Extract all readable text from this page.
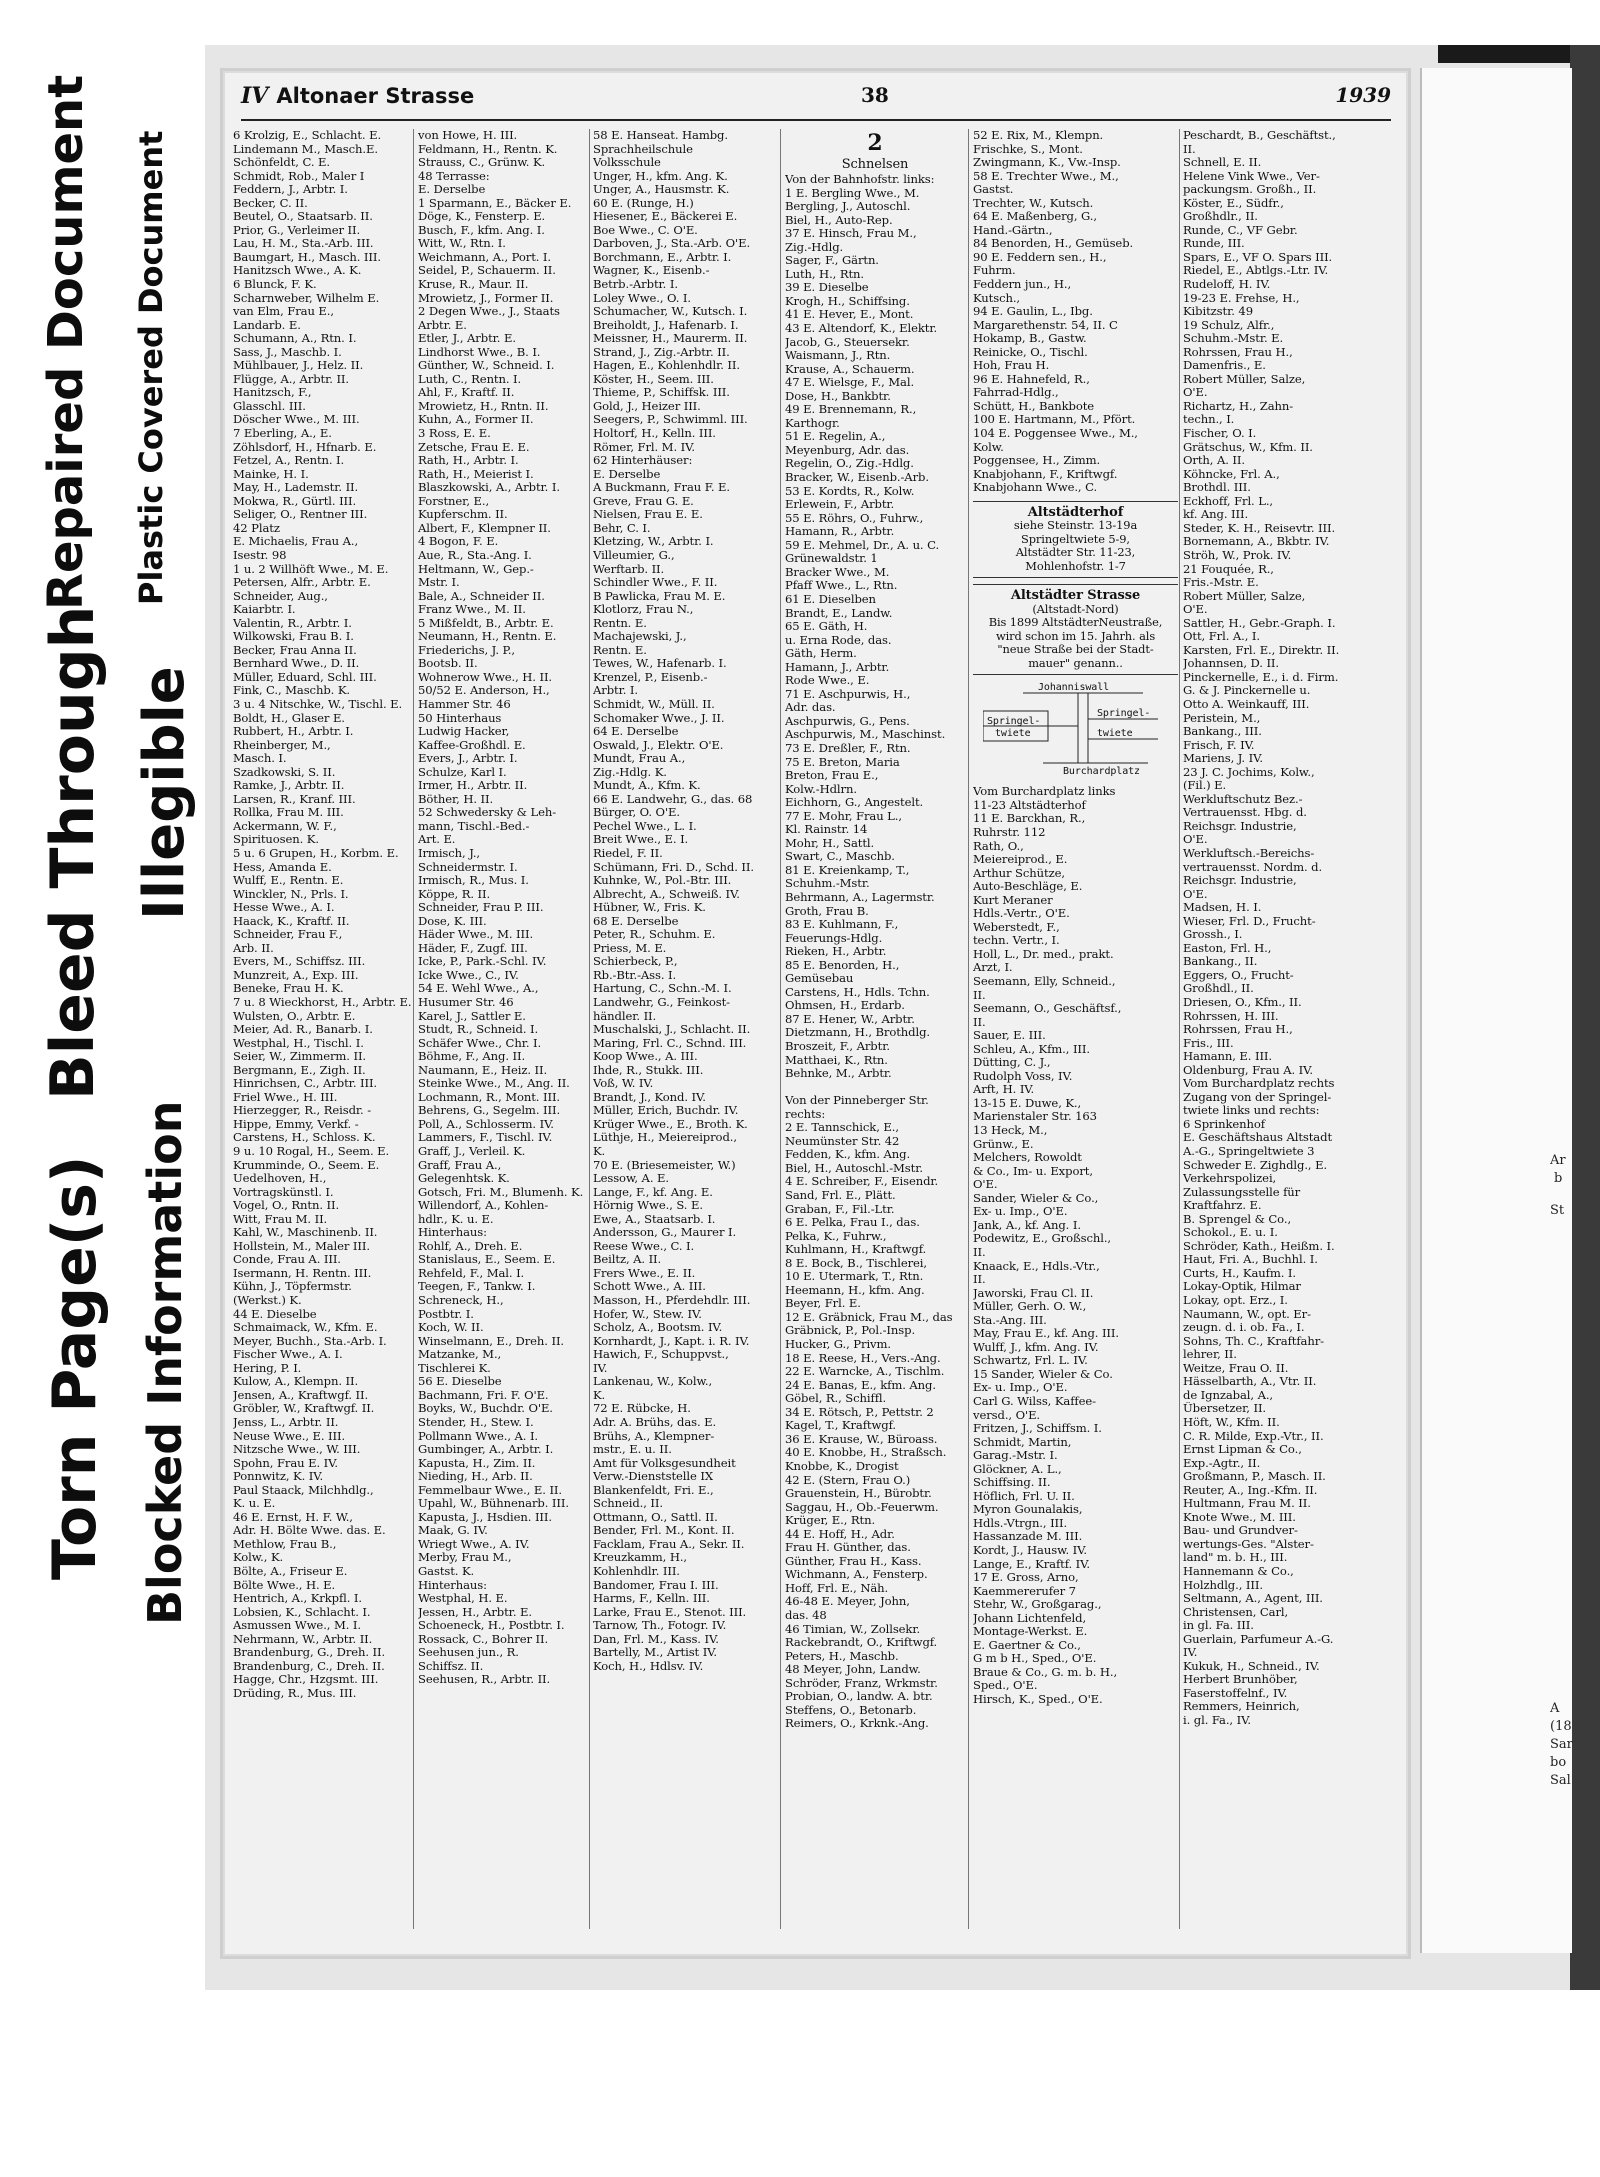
Torn Page(s)
Bleed Through
Repaired Document
Blocked Information
Illegible
Plastic Covered Document
Ar
b
St
A
(18
Sar
bo
Sal
IV Altonaer Strasse	38	1939
6 Krolzig, E., Schlacht. E.
Lindemann M., Masch.E.
Schönfeldt, C. E.
Schmidt, Rob., Maler I
Feddern, J., Arbtr. I.
Becker, C. II.
Beutel, O., Staatsarb. II.
Prior, G., Verleimer II.
Lau, H. M., Sta.-Arb. III.
Baumgart, H., Masch. III.
Hanitzsch Wwe., A. K.
6 Blunck, F. K.
Scharnweber, Wilhelm E.
van Elm, Frau E.,
Landarb. E.
Schumann, A., Rtn. I.
Sass, J., Maschb. I.
Mühlbauer, J., Helz. II.
Flügge, A., Arbtr. II.
Hanitzsch, F.,
Glasschl. III.
Döscher Wwe., M. III.
7 Eberling, A., E.
Zöhlsdorf, H., Hfnarb. E.
Fetzel, A., Rentn. I.
Mainke, H. I.
May, H., Lademstr. II.
Mokwa, R., Gürtl. III.
Seliger, O., Rentner III.
42 Platz
E. Michaelis, Frau A.,
Isestr. 98
1 u. 2 Willhöft Wwe., M. E.
Petersen, Alfr., Arbtr. E.
Schneider, Aug.,
Kaiarbtr. I.
Valentin, R., Arbtr. I.
Wilkowski, Frau B. I.
Becker, Frau Anna II.
Bernhard Wwe., D. II.
Müller, Eduard, Schl. III.
Fink, C., Maschb. K.
3 u. 4 Nitschke, W., Tischl. E.
Boldt, H., Glaser E.
Rubbert, H., Arbtr. I.
Rheinberger, M.,
Masch. I.
Szadkowski, S. II.
Ramke, J., Arbtr. II.
Larsen, R., Kranf. III.
Rollka, Frau M. III.
Ackermann, W. F.,
Spirituosen. K.
5 u. 6 Grupen, H., Korbm. E.
Hess, Amanda E.
Wulff, E., Rentn. E.
Winckler, N., Prls. I.
Hesse Wwe., A. I.
Haack, K., Kraftf. II.
Schneider, Frau F.,
Arb. II.
Evers, M., Schiffsz. III.
Munzreit, A., Exp. III.
Beneke, Frau H. K.
7 u. 8 Wieckhorst, H., Arbtr. E.
Wulsten, O., Arbtr. E.
Meier, Ad. R., Banarb. I.
Westphal, H., Tischl. I.
Seier, W., Zimmerm. II.
Bergmann, E., Zigh. II.
Hinrichsen, C., Arbtr. III.
Friel Wwe., H. III.
Hierzegger, R., Reisdr. -
Hippe, Emmy, Verkf. -
Carstens, H., Schloss. K.
9 u. 10 Rogal, H., Seem. E.
Krumminde, O., Seem. E.
Uedelhoven, H.,
Vortragskünstl. I.
Vogel, O., Rntn. II.
Witt, Frau M. II.
Kahl, W., Maschinenb. II.
Hollstein, M., Maler III.
Conde, Frau A. III.
Isermann, H. Rentn. III.
Kühn, J., Töpfermstr.
(Werkst.) K.
44 E. Dieselbe
Schmaimack, W., Kfm. E.
Meyer, Buchh., Sta.-Arb. I.
Fischer Wwe., A. I.
Hering, P. I.
Kulow, A., Klempn. II.
Jensen, A., Kraftwgf. II.
Gröbler, W., Kraftwgf. II.
Jenss, L., Arbtr. II.
Neuse Wwe., E. III.
Nitzsche Wwe., W. III.
Spohn, Frau E. IV.
Ponnwitz, K. IV.
Paul Staack, Milchhdlg.,
K. u. E.
46 E. Ernst, H. F. W.,
Adr. H. Bölte Wwe. das. E.
Methlow, Frau B.,
Kolw., K.
Bölte, A., Friseur E.
Bölte Wwe., H. E.
Hentrich, A., Krkpfl. I.
Lobsien, K., Schlacht. I.
Asmussen Wwe., M. I.
Nehrmann, W., Arbtr. II.
Brandenburg, G., Dreh. II.
Brandenburg, C., Dreh. II.
Hagge, Chr., Hzgsmt. III.
Drüding, R., Mus. III.
von Howe, H. III.
Feldmann, H., Rentn. K.
Strauss, C., Grünw. K.
48 Terrasse:
E. Derselbe
1 Sparmann, E., Bäcker E.
Döge, K., Fensterp. E.
Busch, F., kfm. Ang. I.
Witt, W., Rtn. I.
Weichmann, A., Port. I.
Seidel, P., Schauerm. II.
Kruse, R., Maur. II.
Mrowietz, J., Former II.
2 Degen Wwe., J., Staats
Arbtr. E.
Etler, J., Arbtr. E.
Lindhorst Wwe., B. I.
Günther, W., Schneid. I.
Luth, C., Rentn. I.
Ahl, F., Kraftf. II.
Mrowietz, H., Rntn. II.
Kuhn, A., Former II.
3 Ross, E. E.
Zetsche, Frau E. E.
Rath, H., Arbtr. I.
Rath, H., Meierist I.
Blaszkowski, A., Arbtr. I.
Forstner, E.,
Kupferschm. II.
Albert, F., Klempner II.
4 Bogon, F. E.
Aue, R., Sta.-Ang. I.
Heltmann, W., Gep.-
Mstr. I.
Bale, A., Schneider II.
Franz Wwe., M. II.
5 Mißfeldt, B., Arbtr. E.
Neumann, H., Rentn. E.
Friederichs, J. P.,
Bootsb. II.
Wohnerow Wwe., H. II.
50/52 E. Anderson, H.,
Hammer Str. 46
50 Hinterhaus
Ludwig Hacker,
Kaffee-Großhdl. E.
Evers, J., Arbtr. I.
Schulze, Karl I.
Irmer, H., Arbtr. II.
Böther, H. II.
52 Schwedersky & Leh-
mann, Tischl.-Bed.-
Art. E.
Irmisch, J.,
Schneidermstr. I.
Irmisch, R., Mus. I.
Köppe, R. II.
Schneider, Frau P. III.
Dose, K. III.
Häder Wwe., M. III.
Häder, F., Zugf. III.
Icke, P., Park.-Schl. IV.
Icke Wwe., C., IV.
54 E. Wehl Wwe., A.,
Husumer Str. 46
Karel, J., Sattler E.
Studt, R., Schneid. I.
Schäfer Wwe., Chr. I.
Böhme, F., Ang. II.
Naumann, E., Heiz. II.
Steinke Wwe., M., Ang. II.
Lochmann, R., Mont. III.
Behrens, G., Segelm. III.
Poll, A., Schlosserm. IV.
Lammers, F., Tischl. IV.
Graff, J., Verleil. K.
Graff, Frau A.,
Gelegenhtsk. K.
Gotsch, Fri. M., Blumenh. K.
Willendorf, A., Kohlen-
hdlr., K. u. E.
Hinterhaus:
Rohlf, A., Dreh. E.
Stanislaus, E., Seem. E.
Rehfeld, F., Mal. I.
Teegen, F., Tankw. I.
Schreneck, H.,
Postbtr. I.
Koch, W. II.
Winselmann, E., Dreh. II.
Matzanke, M.,
Tischlerei K.
56 E. Dieselbe
Bachmann, Fri. F. O'E.
Boyks, W., Buchdr. O'E.
Stender, H., Stew. I.
Pollmann Wwe., A. I.
Gumbinger, A., Arbtr. I.
Kapusta, H., Zim. II.
Nieding, H., Arb. II.
Femmelbaur Wwe., E. II.
Upahl, W., Bühnenarb. III.
Kapusta, J., Hsdien. III.
Maak, G. IV.
Wriegt Wwe., A. IV.
Merby, Frau M.,
Gastst. K.
Hinterhaus:
Westphal, H. E.
Jessen, H., Arbtr. E.
Schoeneck, H., Postbtr. I.
Rossack, C., Bohrer II.
Seehusen jun., R.
Schiffsz. II.
Seehusen, R., Arbtr. II.
58 E. Hanseat. Hambg.
Sprachheilschule
Volksschule
Unger, H., kfm. Ang. K.
Unger, A., Hausmstr. K.
60 E. (Runge, H.)
Hiesener, E., Bäckerei E.
Boe Wwe., C. O'E.
Darboven, J., Sta.-Arb. O'E.
Borchmann, E., Arbtr. I.
Wagner, K., Eisenb.-
Betrb.-Arbtr. I.
Loley Wwe., O. I.
Schumacher, W., Kutsch. I.
Breiholdt, J., Hafenarb. I.
Meissner, H., Maurerm. II.
Strand, J., Zig.-Arbtr. II.
Hagen, E., Kohlenhdlr. II.
Köster, H., Seem. III.
Thieme, P., Schiffsk. III.
Gold, J., Heizer III.
Seegers, P., Schwimml. III.
Holtorf, H., Kelln. III.
Römer, Frl. M. IV.
62 Hinterhäuser:
E. Derselbe
A Buckmann, Frau F. E.
Greve, Frau G. E.
Nielsen, Frau E. E.
Behr, C. I.
Kletzing, W., Arbtr. I.
Villeumier, G.,
Werftarb. II.
Schindler Wwe., F. II.
B Pawlicka, Frau M. E.
Klotlorz, Frau N.,
Rentn. E.
Machajewski, J.,
Rentn. E.
Tewes, W., Hafenarb. I.
Krenzel, P., Eisenb.-
Arbtr. I.
Schmidt, W., Müll. II.
Schomaker Wwe., J. II.
64 E. Derselbe
Oswald, J., Elektr. O'E.
Mundt, Frau A.,
Zig.-Hdlg. K.
Mundt, A., Kfm. K.
66 E. Landwehr, G., das. 68
Bürger, O. O'E.
Pechel Wwe., L. I.
Breit Wwe., E. I.
Riedel, F. II.
Schümann, Fri. D., Schd. II.
Kuhnke, W., Pol.-Btr. III.
Albrecht, A., Schweiß. IV.
Hübner, W., Fris. K.
68 E. Derselbe
Peter, R., Schuhm. E.
Priess, M. E.
Schierbeck, P.,
Rb.-Btr.-Ass. I.
Hartung, C., Schn.-M. I.
Landwehr, G., Feinkost-
händler. II.
Muschalski, J., Schlacht. II.
Maring, Frl. C., Schnd. III.
Koop Wwe., A. III.
Ihde, R., Stukk. III.
Voß, W. IV.
Brandt, J., Kond. IV.
Müller, Erich, Buchdr. IV.
Krüger Wwe., E., Broth. K.
Lüthje, H., Meiereiprod.,
K.
70 E. (Briesemeister, W.)
Lessow, A. E.
Lange, F., kf. Ang. E.
Hörnig Wwe., S. E.
Ewe, A., Staatsarb. I.
Andersson, G., Maurer I.
Reese Wwe., C. I.
Beiltz, A. II.
Frers Wwe., E. II.
Schott Wwe., A. III.
Masson, H., Pferdehdlr. III.
Hofer, W., Stew. IV.
Scholz, A., Bootsm. IV.
Kornhardt, J., Kapt. i. R. IV.
Hawich, F., Schuppvst.,
IV.
Lankenau, W., Kolw.,
K.
72 E. Rübcke, H.
Adr. A. Brühs, das. E.
Brühs, A., Klempner-
mstr., E. u. II.
Amt für Volksgesundheit
Verw.-Dienststelle IX
Blankenfeldt, Fri. E.,
Schneid., II.
Ottmann, O., Sattl. II.
Bender, Frl. M., Kont. II.
Facklam, Frau A., Sekr. II.
Kreuzkamm, H.,
Kohlenhdlr. III.
Bandomer, Frau I. III.
Harms, F., Kelln. III.
Larke, Frau E., Stenot. III.
Tarnow, Th., Fotogr. IV.
Dan, Frl. M., Kass. IV.
Bartelly, M., Artist IV.
Koch, H., Hdlsv. IV.
2
Schnelsen
Von der Bahnhofstr. links:
1 E. Bergling Wwe., M.
Bergling, J., Autoschl.
Biel, H., Auto-Rep.
37 E. Hinsch, Frau M.,
Zig.-Hdlg.
Sager, F., Gärtn.
Luth, H., Rtn.
39 E. Dieselbe
Krogh, H., Schiffsing.
41 E. Hever, E., Mont.
43 E. Altendorf, K., Elektr.
Jacob, G., Steuersekr.
Waismann, J., Rtn.
Krause, A., Schauerm.
47 E. Wielsge, F., Mal.
Dose, H., Bankbtr.
49 E. Brennemann, R.,
Karthogr.
51 E. Regelin, A.,
Meyenburg, Adr. das.
Regelin, O., Zig.-Hdlg.
Bracker, W., Eisenb.-Arb.
53 E. Kordts, R., Kolw.
Erlewein, F., Arbtr.
55 E. Röhrs, O., Fuhrw.,
Hamann, R., Arbtr.
59 E. Mehmel, Dr., A. u. C.
Grünewaldstr. 1
Bracker Wwe., M.
Pfaff Wwe., L., Rtn.
61 E. Dieselben
Brandt, E., Landw.
65 E. Gäth, H.
u. Erna Rode, das.
Gäth, Herm.
Hamann, J., Arbtr.
Rode Wwe., E.
71 E. Aschpurwis, H.,
Adr. das.
Aschpurwis, G., Pens.
Aschpurwis, M., Maschinst.
73 E. Dreßler, F., Rtn.
75 E. Breton, Maria
Breton, Frau E.,
Kolw.-Hdlrn.
Eichhorn, G., Angestelt.
77 E. Mohr, Frau L.,
Kl. Rainstr. 14
Mohr, H., Sattl.
Swart, C., Maschb.
81 E. Kreienkamp, T.,
Schuhm.-Mstr.
Behrmann, A., Lagermstr.
Groth, Frau B.
83 E. Kuhlmann, F.,
Feuerungs-Hdlg.
Rieken, H., Arbtr.
85 E. Benorden, H.,
Gemüsebau
Carstens, H., Hdls. Tchn.
Ohmsen, H., Erdarb.
87 E. Hener, W., Arbtr.
Dietzmann, H., Brothdlg.
Broszeit, F., Arbtr.
Matthaei, K., Rtn.
Behnke, M., Arbtr.

Von der Pinneberger Str.
rechts:
2 E. Tannschick, E.,
Neumünster Str. 42
Fedden, K., kfm. Ang.
Biel, H., Autoschl.-Mstr.
4 E. Schreiber, F., Eisendr.
Sand, Frl. E., Plätt.
Graban, F., Fil.-Ltr.
6 E. Pelka, Frau I., das.
Pelka, K., Fuhrw.,
Kuhlmann, H., Kraftwgf.
8 E. Bock, B., Tischlerei,
10 E. Utermark, T., Rtn.
Heemann, H., kfm. Ang.
Beyer, Frl. E.
12 E. Gräbnick, Frau M., das
Gräbnick, P., Pol.-Insp.
Hucker, G., Privm.
18 E. Reese, H., Vers.-Ang.
22 E. Warncke, A., Tischlm.
24 E. Banas, E., kfm. Ang.
Göbel, R., Schiffl.
34 E. Rötsch, P., Pettstr. 2
Kagel, T., Kraftwgf.
36 E. Krause, W., Büroass.
40 E. Knobbe, H., Straßsch.
Knobbe, K., Drogist
42 E. (Stern, Frau O.)
Grauenstein, H., Bürobtr.
Saggau, H., Ob.-Feuerwm.
Krüger, E., Rtn.
44 E. Hoff, H., Adr.
Frau H. Günther, das.
Günther, Frau H., Kass.
Wichmann, A., Fensterp.
Hoff, Frl. E., Näh.
46-48 E. Meyer, John,
das. 48
46 Timian, W., Zollsekr.
Rackebrandt, O., Kriftwgf.
Peters, H., Maschb.
48 Meyer, John, Landw.
Schröder, Franz, Wrkmstr.
Probian, O., landw. A. btr.
Steffens, O., Betonarb.
Reimers, O., Krknk.-Ang.
52 E. Rix, M., Klempn.
Frischke, S., Mont.
Zwingmann, K., Vw.-Insp.
58 E. Trechter Wwe., M.,
Gastst.
Trechter, W., Kutsch.
64 E. Maßenberg, G.,
Hand.-Gärtn.,
84 Benorden, H., Gemüseb.
90 E. Feddern sen., H.,
Fuhrm.
Feddern jun., H.,
Kutsch.,
94 E. Gaulin, L., Ibg.
Margarethenstr. 54, II. C
Hokamp, B., Gastw.
Reinicke, O., Tischl.
Hoh, Frau H.
96 E. Hahnefeld, R.,
Fahrrad-Hdlg.,
Schütt, H., Bankbote
100 E. Hartmann, M., Pfört.
104 E. Poggensee Wwe., M.,
Kolw.
Poggensee, H., Zimm.
Knabjohann, F., Kriftwgf.
Knabjohann Wwe., C.
Altstädterhof
siehe Steinstr. 13-19a
Springeltwiete 5-9,
Altstädter Str. 11-23,
Mohlenhofstr. 1-7
Altstädter Strasse
(Altstadt-Nord)
Bis 1899 AltstädterNeustraße,
wird schon im 15. Jahrh. als
"neue Straße bei der Stadt-
mauer" genann..
Johanniswall
Springel-
twiete
Springel-
twiete
Burchardplatz
Vom Burchardplatz links
11-23 Altstädterhof
11 E. Barckhan, R.,
Ruhrstr. 112
Rath, O.,
Meiereiprod., E.
Arthur Schütze,
Auto-Beschläge, E.
Kurt Meraner
Hdls.-Vertr., O'E.
Weberstedt, F.,
techn. Vertr., I.
Holl, L., Dr. med., prakt.
Arzt, I.
Seemann, Elly, Schneid.,
II.
Seemann, O., Geschäftsf.,
II.
Sauer, E. III.
Schleu, A., Kfm., III.
Dütting, C. J.,
Rudolph Voss, IV.
Arft, H. IV.
13-15 E. Duwe, K.,
Marienstaler Str. 163
13 Heck, M.,
Grünw., E.
Melchers, Rowoldt
& Co., Im- u. Export,
O'E.
Sander, Wieler & Co.,
Ex- u. Imp., O'E.
Jank, A., kf. Ang. I.
Podewitz, E., Großschl.,
II.
Knaack, E., Hdls.-Vtr.,
II.
Jaworski, Frau Cl. II.
Müller, Gerh. O. W.,
Sta.-Ang. III.
May, Frau E., kf. Ang. III.
Wulff, J., kfm. Ang. IV.
Schwartz, Frl. L. IV.
15 Sander, Wieler & Co.
Ex- u. Imp., O'E.
Carl G. Wilss, Kaffee-
versd., O'E.
Fritzen, J., Schiffsm. I.
Schmidt, Martin,
Garag.-Mstr. I.
Glöckner, A. L.,
Schiffsing. II.
Höflich, Frl. U. II.
Myron Gounalakis,
Hdls.-Vtrgn., III.
Hassanzade M. III.
Kordt, J., Hausw. IV.
Lange, E., Kraftf. IV.
17 E. Gross, Arno,
Kaemmererufer 7
Stehr, W., Großgarag.,
Johann Lichtenfeld,
Montage-Werkst. E.
E. Gaertner & Co.,
G m b H., Sped., O'E.
Braue & Co., G. m. b. H.,
Sped., O'E.
Hirsch, K., Sped., O'E.
Peschardt, B., Geschäftst.,
II.
Schnell, E. II.
Helene Vink Wwe., Ver-
packungsm. Großh., II.
Köster, E., Südfr.,
Großhdlr., II.
Runde, C., VF Gebr.
Runde, III.
Spars, E., VF O. Spars III.
Riedel, E., Abtlgs.-Ltr. IV.
Rudeloff, H. IV.
19-23 E. Frehse, H.,
Kibitzstr. 49
19 Schulz, Alfr.,
Schuhm.-Mstr. E.
Rohrssen, Frau H.,
Damenfris., E.
Robert Müller, Salze,
O'E.
Richartz, H., Zahn-
techn., I.
Fischer, O. I.
Grätschus, W., Kfm. II.
Orth, A. II.
Köhncke, Frl. A.,
Brothdl. III.
Eckhoff, Frl. L.,
kf. Ang. III.
Steder, K. H., Reisevtr. III.
Bornemann, A., Bkbtr. IV.
Ströh, W., Prok. IV.
21 Fouquée, R.,
Fris.-Mstr. E.
Robert Müller, Salze,
O'E.
Sattler, H., Gebr.-Graph. I.
Ott, Frl. A., I.
Karsten, Frl. E., Direktr. II.
Johannsen, D. II.
Pinckernelle, E., i. d. Firm.
G. & J. Pinckernelle u.
Otto A. Weinkauff, III.
Peristein, M.,
Bankang., III.
Frisch, F. IV.
Mariens, J. IV.
23 J. C. Jochims, Kolw.,
(Fil.) E.
Werkluftschutz Bez.-
Vertrauensst. Hbg. d.
Reichsgr. Industrie,
O'E.
Werkluftsch.-Bereichs-
vertrauensst. Nordm. d.
Reichsgr. Industrie,
O'E.
Madsen, H. I.
Wieser, Frl. D., Frucht-
Grossh., I.
Easton, Frl. H.,
Bankang., II.
Eggers, O., Frucht-
Großhdl., II.
Driesen, O., Kfm., II.
Rohrssen, H. III.
Rohrssen, Frau H.,
Fris., III.
Hamann, E. III.
Oldenburg, Frau A. IV.
Vom Burchardplatz rechts
Zugang von der Springel-
twiete links und rechts:
6 Sprinkenhof
E. Geschäftshaus Altstadt
A.-G., Springeltwiete 3
Schweder E. Zighdlg., E.
Verkehrspolizei,
Zulassungsstelle für
Kraftfahrz. E.
B. Sprengel & Co.,
Schokol., E. u. I.
Schröder, Kath., Heißm. I.
Haut, Fri. A., Buchhl. I.
Curts, H., Kaufm. I.
Lokay-Optik, Hilmar
Lokay, opt. Erz., I.
Naumann, W., opt. Er-
zeugn. d. i. ob. Fa., I.
Sohns, Th. C., Kraftfahr-
lehrer, II.
Weitze, Frau O. II.
Hässelbarth, A., Vtr. II.
de Ignzabal, A.,
Übersetzer, II.
Höft, W., Kfm. II.
C. R. Milde, Exp.-Vtr., II.
Ernst Lipman & Co.,
Exp.-Agtr., II.
Großmann, P., Masch. II.
Reuter, A., Ing.-Kfm. II.
Hultmann, Frau M. II.
Knote Wwe., M. III.
Bau- und Grundver-
wertungs-Ges. "Alster-
land" m. b. H., III.
Hannemann & Co.,
Holzhdlg., III.
Seltmann, A., Agent, III.
Christensen, Carl,
in gl. Fa. III.
Guerlain, Parfumeur A.-G.
IV.
Kukuk, H., Schneid., IV.
Herbert Brunhöber,
Faserstoffelnf., IV.
Remmers, Heinrich,
i. gl. Fa., IV.
